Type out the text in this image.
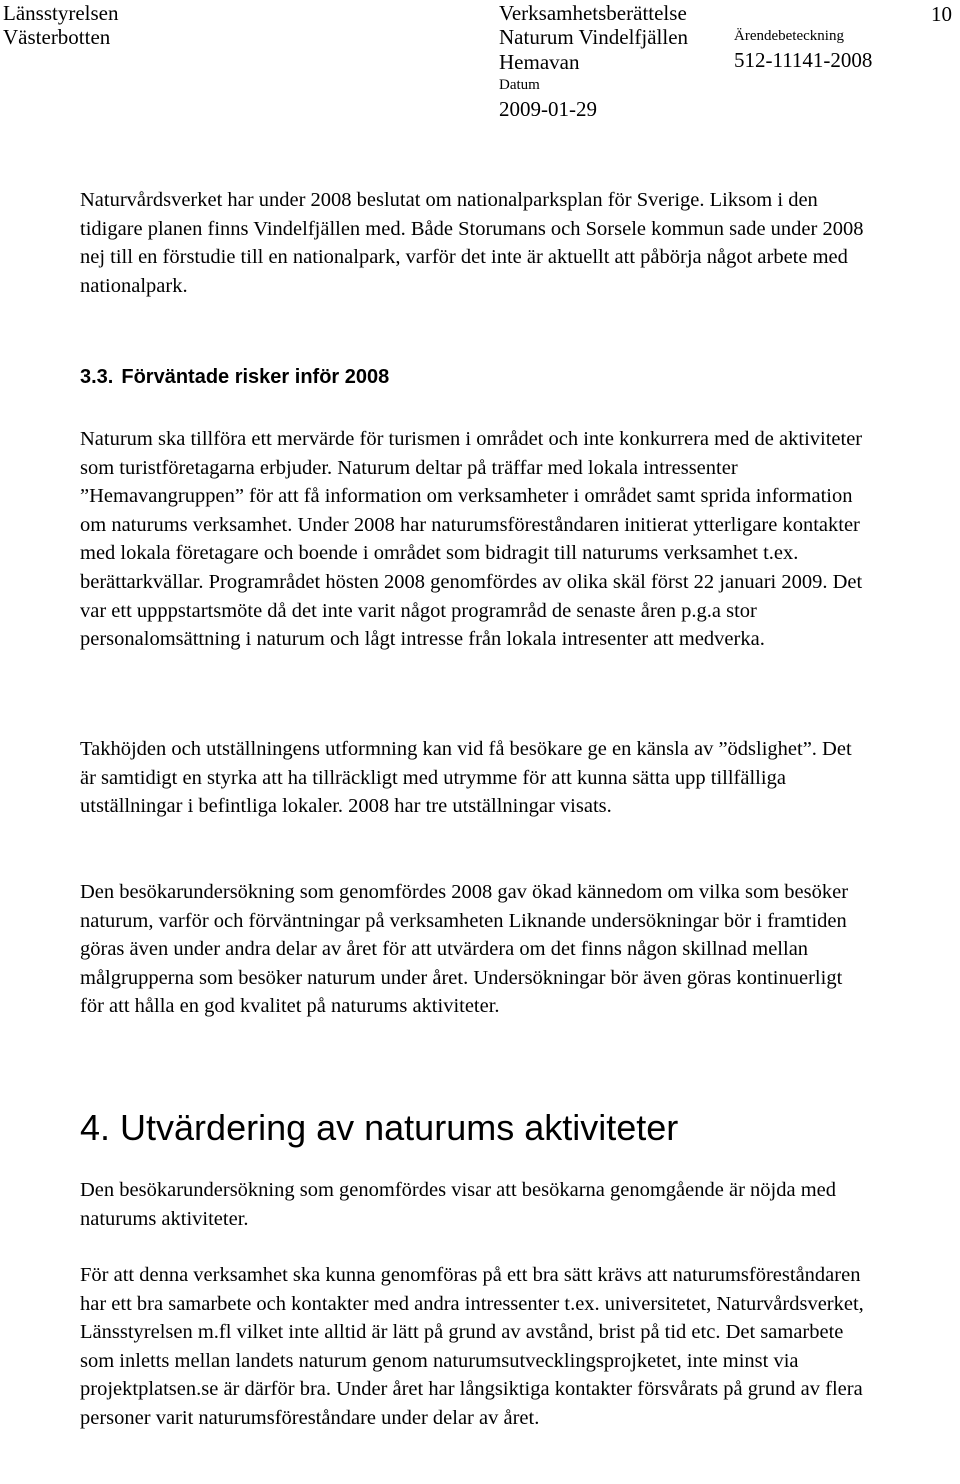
Länsstyrelsen
Västerbotten
Verksamhetsberättelse
Naturum Vindelfjällen
Hemavan
Datum
2009-01-29
Ärendebeteckning
512-11141-2008
10

Naturvårdsverket har under 2008 beslutat om nationalparksplan för Sverige. Liksom i den tidigare planen finns Vindelfjällen med. Både Storumans och Sorsele kommun sade under 2008 nej till en förstudie till en nationalpark, varför det inte är aktuellt att påbörja något arbete med nationalpark.

3.3. Förväntade risker inför 2008

Naturum ska tillföra ett mervärde för turismen i området och inte konkurrera med de aktiviteter som turistföretagarna erbjuder. Naturum deltar på träffar med lokala intressenter ”Hemavangruppen” för att få information om verksamheter i området samt sprida information om naturums verksamhet. Under 2008 har naturumsföreståndaren initierat ytterligare kontakter med lokala företagare och boende i området som bidragit till naturums verksamhet t.ex. berättarkvällar. Programrådet hösten 2008 genomfördes av olika skäl först 22 januari 2009. Det var ett upppstartsmöte då det inte varit något programråd de senaste åren p.g.a stor personalomsättning i naturum och lågt intresse från lokala intresenter att medverka.

Takhöjden och utställningens utformning kan vid få besökare ge en känsla av ”ödslighet”. Det är samtidigt en styrka att ha tillräckligt med utrymme för att kunna sätta upp tillfälliga utställningar i befintliga lokaler. 2008 har tre utställningar visats.

Den besökarundersökning som genomfördes 2008 gav ökad kännedom om vilka som besöker naturum, varför och förväntningar på verksamheten Liknande undersökningar bör i framtiden göras även under andra delar av året för att utvärdera om det finns någon skillnad mellan målgrupperna som besöker naturum under året. Undersökningar bör även göras kontinuerligt för att hålla en god kvalitet på naturums aktiviteter.

4. Utvärdering av naturums aktiviteter

Den besökarundersökning som genomfördes visar att besökarna genomgående är nöjda med naturums aktiviteter.

För att denna verksamhet ska kunna genomföras på ett bra sätt krävs att naturumsföreståndaren har ett bra samarbete och kontakter med andra intressenter t.ex. universitetet, Naturvårdsverket, Länsstyrelsen m.fl vilket inte alltid är lätt på grund av avstånd, brist på tid etc. Det samarbete som inletts mellan landets naturum genom naturumsutvecklingsprojketet, inte minst via projektplatsen.se är därför bra. Under året har långsiktiga kontakter försvårats på grund av flera personer varit naturumsföreståndare under delar av året.
